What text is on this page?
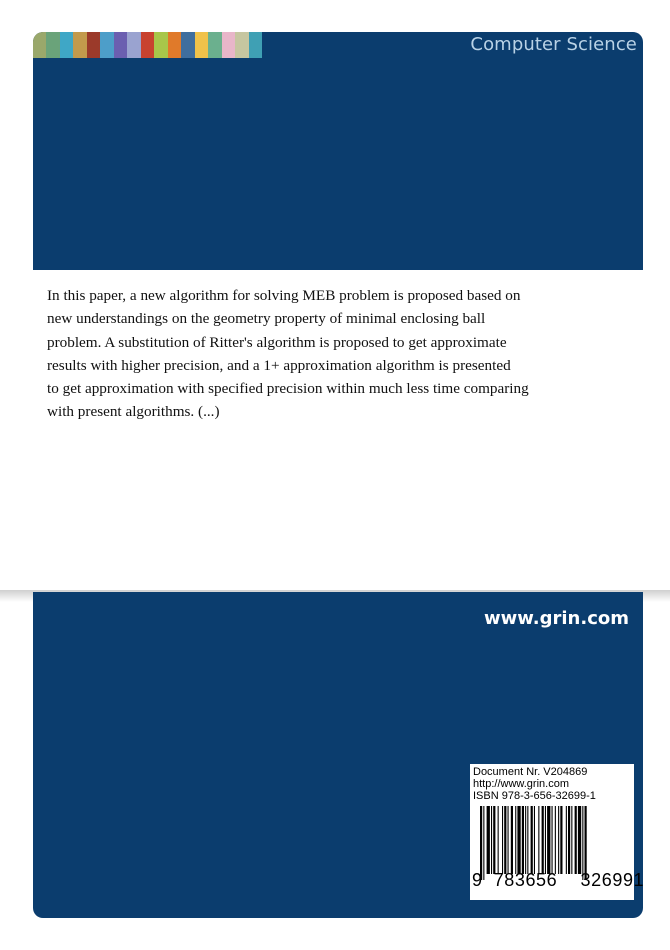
Computer Science
In this paper, a new algorithm for solving MEB problem is proposed based on
new understandings on the geometry property of minimal enclosing ball
problem. A substitution of Ritter's algorithm is proposed to get approximate
results with higher precision, and a 1+ approximation algorithm is presented
to get approximation with specified precision within much less time comparing
with present algorithms. (...)
www.grin.com
Document Nr. V204869
http://www.grin.com
ISBN 978-3-656-32699-1
9 783656 326991
